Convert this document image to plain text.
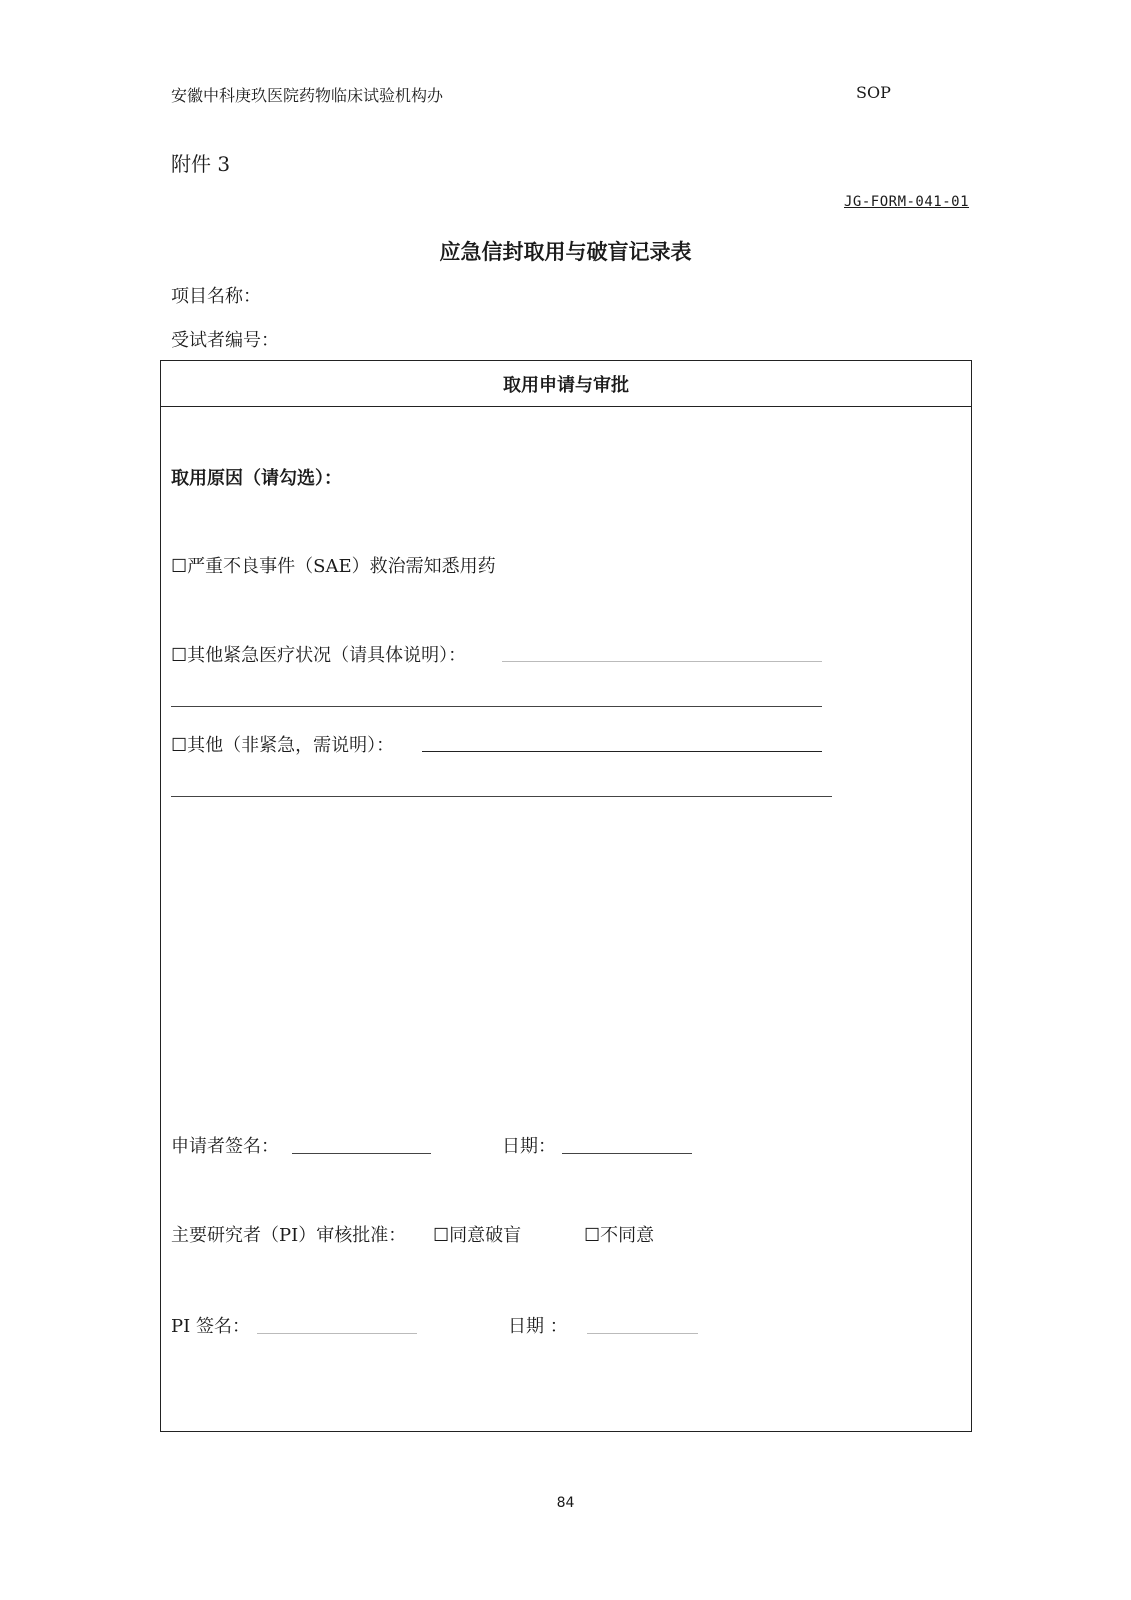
安徽中科庚玖医院药物临床试验机构办	SOP
附件 3
JG-FORM-041-01
应急信封取用与破盲记录表
项目名称：
受试者编号：
取用申请与审批
取用原因（请勾选）：
☐严重不良事件（SAE）救治需知悉用药
☐其他紧急医疗状况（请具体说明）：
☐其他（非紧急，需说明）：
申请者签名：	日期：
主要研究者（PI）审核批准： ☐同意破盲	☐不同意
PI 签名：	日期 ：
84
